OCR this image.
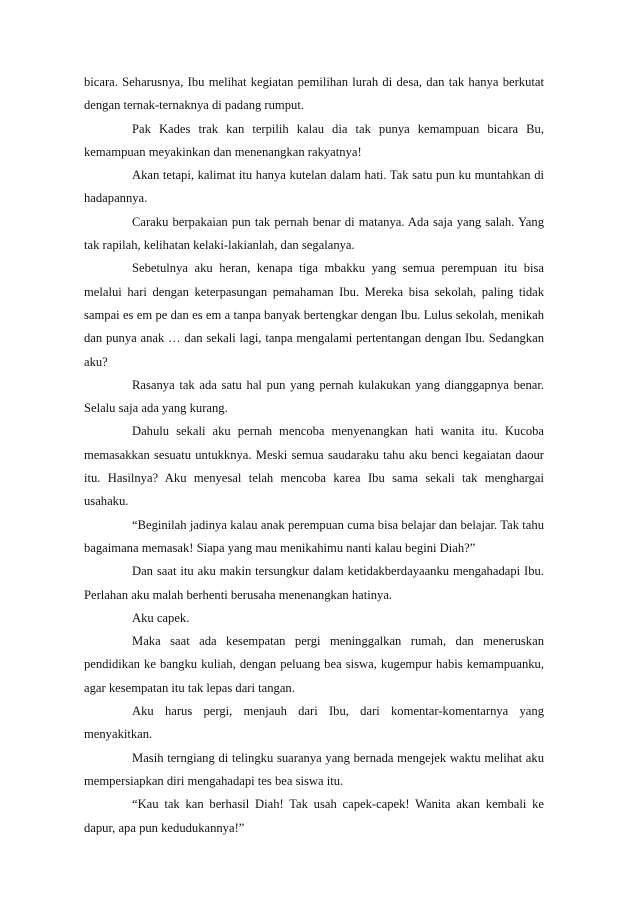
bicara. Seharusnya, Ibu melihat kegiatan pemilihan lurah di desa, dan tak hanya berkutat dengan ternak-ternaknya di padang rumput.

Pak Kades trak kan terpilih kalau dia tak punya kemampuan bicara Bu, kemampuan meyakinkan dan menenangkan rakyatnya!

Akan tetapi, kalimat itu hanya kutelan dalam hati. Tak satu pun ku muntahkan di hadapannya.

Caraku berpakaian pun tak pernah benar di matanya. Ada saja yang salah. Yang tak rapilah, kelihatan kelaki-lakianlah, dan segalanya.

Sebetulnya aku heran, kenapa tiga mbakku yang semua perempuan itu bisa melalui hari dengan keterpasungan pemahaman Ibu. Mereka bisa sekolah, paling tidak sampai es em pe dan es em a tanpa banyak bertengkar dengan Ibu. Lulus sekolah, menikah dan punya anak … dan sekali lagi, tanpa mengalami pertentangan dengan Ibu. Sedangkan aku?

Rasanya tak ada satu hal pun yang pernah kulakukan yang dianggapnya benar. Selalu saja ada yang kurang.

Dahulu sekali aku pernah mencoba menyenangkan hati wanita itu. Kucoba memasakkan sesuatu untukknya. Meski semua saudaraku tahu aku benci kegaiatan daour itu. Hasilnya? Aku menyesal telah mencoba karea Ibu sama sekali tak menghargai usahaku.

“Beginilah jadinya kalau anak perempuan cuma bisa belajar dan belajar. Tak tahu bagaimana memasak! Siapa yang mau menikahimu nanti kalau begini Diah?”

Dan saat itu aku makin tersungkur dalam ketidakberdayaanku mengahadapi Ibu. Perlahan aku malah berhenti berusaha menenangkan hatinya.

Aku capek.

Maka saat ada kesempatan pergi meninggalkan rumah, dan meneruskan pendidikan ke bangku kuliah, dengan peluang bea siswa, kugempur habis kemampuanku, agar kesempatan itu tak lepas dari tangan.

Aku harus pergi, menjauh dari Ibu, dari komentar-komentarnya yang menyakitkan.

Masih terngiang di telingku suaranya yang bernada mengejek waktu melihat aku mempersiapkan diri mengahadapi tes bea siswa itu.

“Kau tak kan berhasil Diah! Tak usah capek-capek! Wanita akan kembali ke dapur, apa pun kedudukannya!”
